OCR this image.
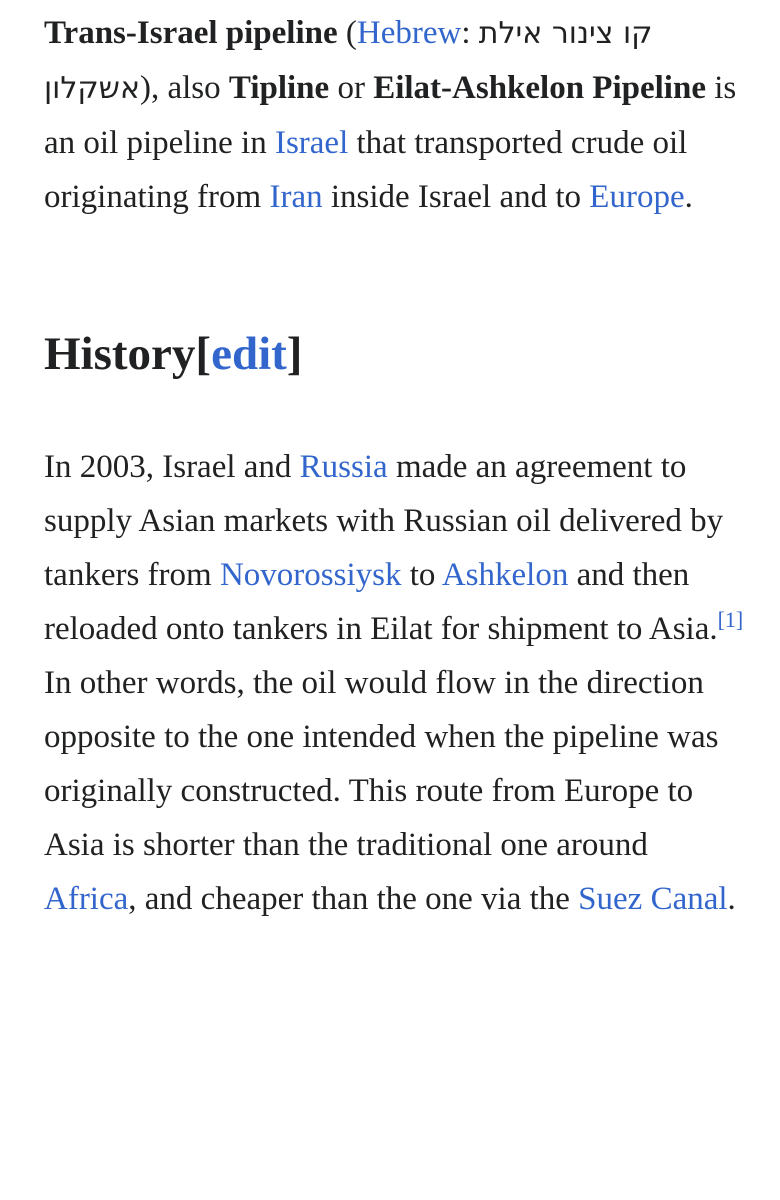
Trans-Israel pipeline (Hebrew: קו צינור אילת אשקלון), also Tipline or Eilat-Ashkelon Pipeline is an oil pipeline in Israel that transported crude oil originating from Iran inside Israel and to Europe.

History[edit]

In 2003, Israel and Russia made an agreement to supply Asian markets with Russian oil delivered by tankers from Novorossiysk to Ashkelon and then reloaded onto tankers in Eilat for shipment to Asia.[1] In other words, the oil would flow in the direction opposite to the one intended when the pipeline was originally constructed. This route from Europe to Asia is shorter than the traditional one around Africa, and cheaper than the one via the Suez Canal.
